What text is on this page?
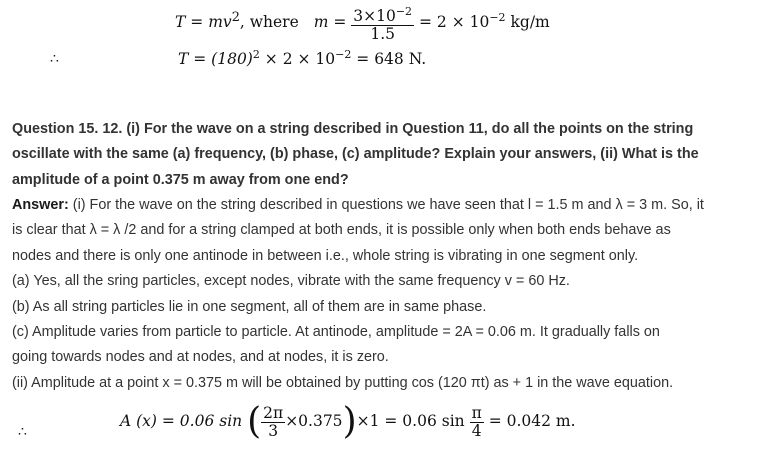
$T = mv^2$, where $m = \frac{3\times 10^{-2}}{1.5} = 2 \times 10^{-2}$ kg/m
∴	$T = (180)^2 \times 2 \times 10^{-2} = 648$ N.
Question 15. 12. (i) For the wave on a string described in Question 11, do all the points on the string
oscillate with the same (a) frequency, (b) phase, (c) amplitude? Explain your answers, (ii) What is the
amplitude of a point 0.375 m away from one end?
Answer: (i) For the wave on the string described in questions we have seen that l = 1.5 m and λ = 3 m. So, it
is clear that λ = λ /2 and for a string clamped at both ends, it is possible only when both ends behave as
nodes and there is only one antinode in between i.e., whole string is vibrating in one segment only.
(a) Yes, all the sring particles, except nodes, vibrate with the same frequency v = 60 Hz.
(b) As all string particles lie in one segment, all of them are in same phase.
(c) Amplitude varies from particle to particle. At antinode, amplitude = 2A = 0.06 m. It gradually falls on
going towards nodes and at nodes, and at nodes, it is zero.
(ii) Amplitude at a point x = 0.375 m will be obtained by putting cos (120 πt) as + 1 in the wave equation.
∴
A (x) = 0.06 sin ( $\frac{2\pi}{3} \times 0.375)\times 1 = 0.06$ $\sin \frac{\pi}{4} = 0.042$ m.
